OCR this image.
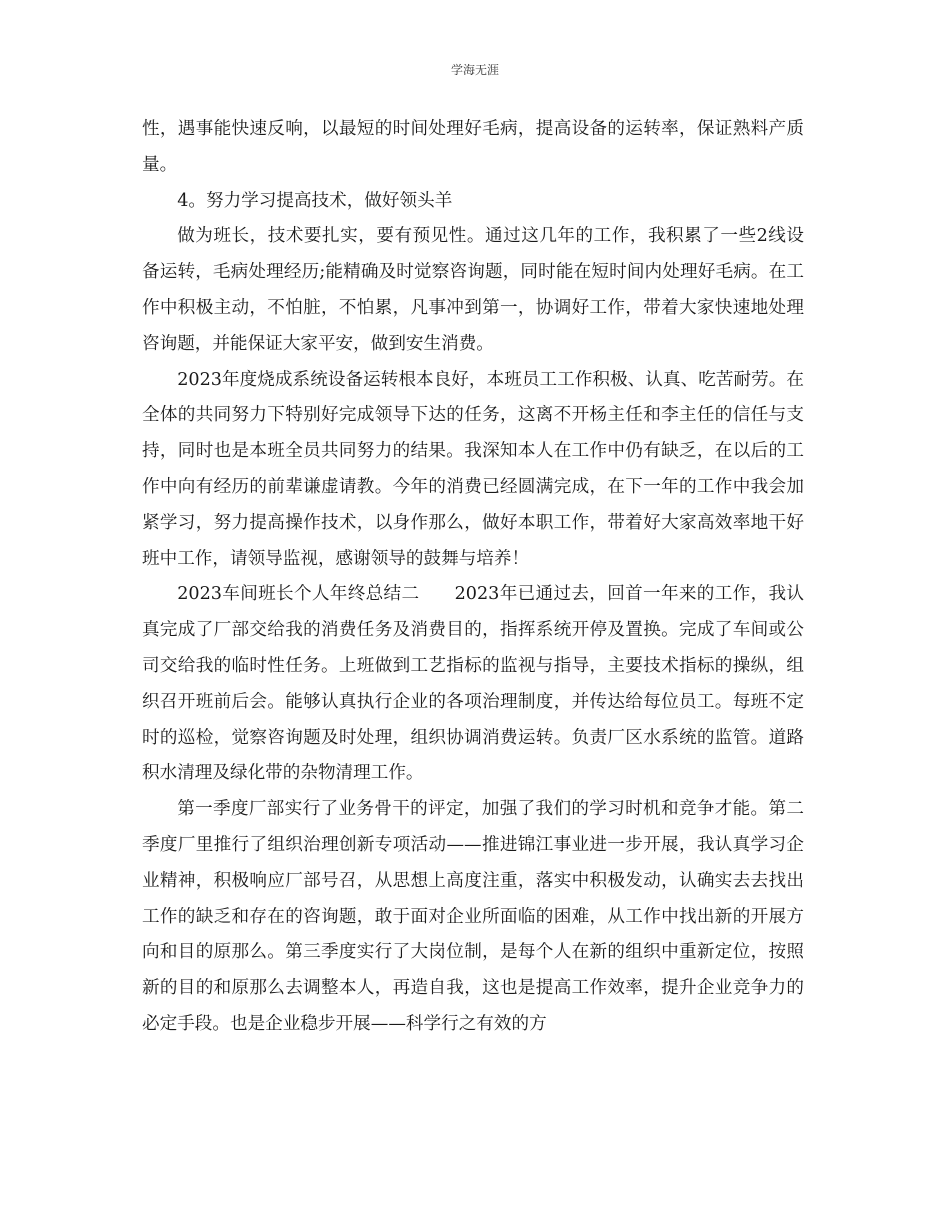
学海无涯

性，遇事能快速反响，以最短的时间处理好毛病，提高设备的运转率，保证熟料产质量。

4。努力学习提高技术，做好领头羊

做为班长，技术要扎实，要有预见性。通过这几年的工作，我积累了一些2线设备运转，毛病处理经历;能精确及时觉察咨询题，同时能在短时间内处理好毛病。在工作中积极主动，不怕脏，不怕累，凡事冲到第一，协调好工作，带着大家快速地处理咨询题，并能保证大家平安，做到安生消费。

2023年度烧成系统设备运转根本良好，本班员工工作积极、认真、吃苦耐劳。在全体的共同努力下特别好完成领导下达的任务，这离不开杨主任和李主任的信任与支持，同时也是本班全员共同努力的结果。我深知本人在工作中仍有缺乏，在以后的工作中向有经历的前辈谦虚请教。今年的消费已经圆满完成，在下一年的工作中我会加紧学习，努力提高操作技术，以身作那么，做好本职工作，带着好大家高效率地干好班中工作，请领导监视，感谢领导的鼓舞与培养！

2023车间班长个人年终总结二 2023年已通过去，回首一年来的工作，我认真完成了厂部交给我的消费任务及消费目的，指挥系统开停及置换。完成了车间或公司交给我的临时性任务。上班做到工艺指标的监视与指导，主要技术指标的操纵，组织召开班前后会。能够认真执行企业的各项治理制度，并传达给每位员工。每班不定时的巡检，觉察咨询题及时处理，组织协调消费运转。负责厂区水系统的监管。道路积水清理及绿化带的杂物清理工作。

第一季度厂部实行了业务骨干的评定，加强了我们的学习时机和竞争才能。第二季度厂里推行了组织治理创新专项活动——推进锦江事业进一步开展，我认真学习企业精神，积极响应厂部号召，从思想上高度注重，落实中积极发动，认确实去去找出工作的缺乏和存在的咨询题，敢于面对企业所面临的困难，从工作中找出新的开展方向和目的原那么。第三季度实行了大岗位制，是每个人在新的组织中重新定位，按照新的目的和原那么去调整本人，再造自我，这也是提高工作效率，提升企业竞争力的必定手段。也是企业稳步开展——科学行之有效的方
